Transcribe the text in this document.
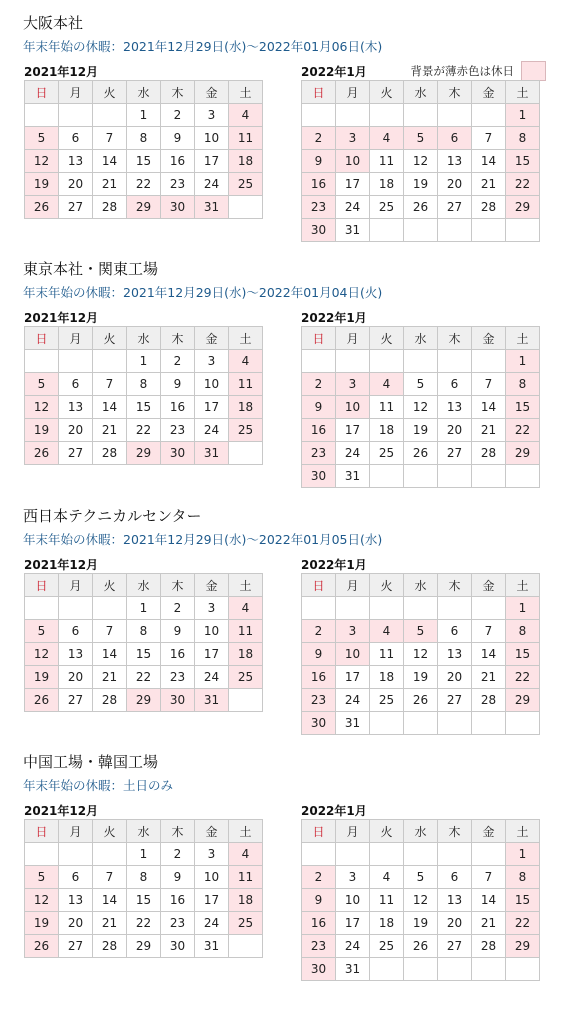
大阪本社
年末年始の休暇：2021年12月29日(水)～2022年01月06日(木)
背景が薄赤色は休日
2021年12月
日	月	火	水	木	金	土
			1	2	3	4
5	6	7	8	9	10	11
12	13	14	15	16	17	18
19	20	21	22	23	24	25
26	27	28	29	30	31	
2022年1月
日	月	火	水	木	金	土
						1
2	3	4	5	6	7	8
9	10	11	12	13	14	15
16	17	18	19	20	21	22
23	24	25	26	27	28	29
30	31					
東京本社・関東工場
年末年始の休暇：2021年12月29日(水)～2022年01月04日(火)
2021年12月
日	月	火	水	木	金	土
			1	2	3	4
5	6	7	8	9	10	11
12	13	14	15	16	17	18
19	20	21	22	23	24	25
26	27	28	29	30	31	
2022年1月
日	月	火	水	木	金	土
						1
2	3	4	5	6	7	8
9	10	11	12	13	14	15
16	17	18	19	20	21	22
23	24	25	26	27	28	29
30	31					
西日本テクニカルセンター
年末年始の休暇：2021年12月29日(水)～2022年01月05日(水)
2021年12月
日	月	火	水	木	金	土
			1	2	3	4
5	6	7	8	9	10	11
12	13	14	15	16	17	18
19	20	21	22	23	24	25
26	27	28	29	30	31	
2022年1月
日	月	火	水	木	金	土
						1
2	3	4	5	6	7	8
9	10	11	12	13	14	15
16	17	18	19	20	21	22
23	24	25	26	27	28	29
30	31					
中国工場・韓国工場
年末年始の休暇：土日のみ
2021年12月
日	月	火	水	木	金	土
			1	2	3	4
5	6	7	8	9	10	11
12	13	14	15	16	17	18
19	20	21	22	23	24	25
26	27	28	29	30	31	
2022年1月
日	月	火	水	木	金	土
						1
2	3	4	5	6	7	8
9	10	11	12	13	14	15
16	17	18	19	20	21	22
23	24	25	26	27	28	29
30	31					
